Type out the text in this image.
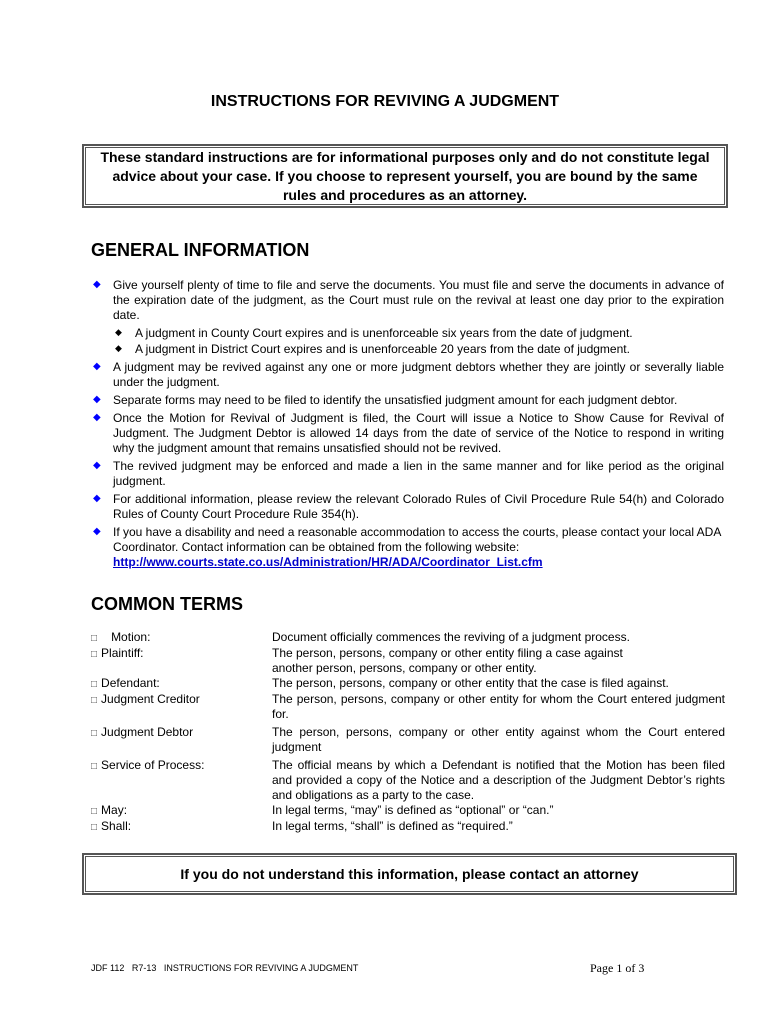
INSTRUCTIONS FOR REVIVING A JUDGMENT
These standard instructions are for informational purposes only and do not constitute legal advice about your case. If you choose to represent yourself, you are bound by the same rules and procedures as an attorney.
GENERAL INFORMATION
◆ Give yourself plenty of time to file and serve the documents. You must file and serve the documents in advance of the expiration date of the judgment, as the Court must rule on the revival at least one day prior to the expiration date.
◆ A judgment in County Court expires and is unenforceable six years from the date of judgment.
◆ A judgment in District Court expires and is unenforceable 20 years from the date of judgment.
◆ A judgment may be revived against any one or more judgment debtors whether they are jointly or severally liable under the judgment.
◆ Separate forms may need to be filed to identify the unsatisfied judgment amount for each judgment debtor.
◆ Once the Motion for Revival of Judgment is filed, the Court will issue a Notice to Show Cause for Revival of Judgment. The Judgment Debtor is allowed 14 days from the date of service of the Notice to respond in writing why the judgment amount that remains unsatisfied should not be revived.
◆ The revived judgment may be enforced and made a lien in the same manner and for like period as the original judgment.
◆ For additional information, please review the relevant Colorado Rules of Civil Procedure Rule 54(h) and Colorado Rules of County Court Procedure Rule 354(h).
◆ If you have a disability and need a reasonable accommodation to access the courts, please contact your local ADA Coordinator. Contact information can be obtained from the following website:
http://www.courts.state.co.us/Administration/HR/ADA/Coordinator_List.cfm
COMMON TERMS
□ Motion:	Document officially commences the reviving of a judgment process.
□ Plaintiff:	The person, persons, company or other entity filing a case against another person, persons, company or other entity.
□ Defendant:	The person, persons, company or other entity that the case is filed against.
□ Judgment Creditor	The person, persons, company or other entity for whom the Court entered judgment for.
□ Judgment Debtor	The person, persons, company or other entity against whom the Court entered judgment
□ Service of Process:	The official means by which a Defendant is notified that the Motion has been filed and provided a copy of the Notice and a description of the Judgment Debtor’s rights and obligations as a party to the case.
□ May:	In legal terms, “may” is defined as “optional” or “can.”
□ Shall:	In legal terms, “shall” is defined as “required.”
If you do not understand this information, please contact an attorney
JDF 112   R7-13   INSTRUCTIONS FOR REVIVING A JUDGMENT	Page 1 of 3
